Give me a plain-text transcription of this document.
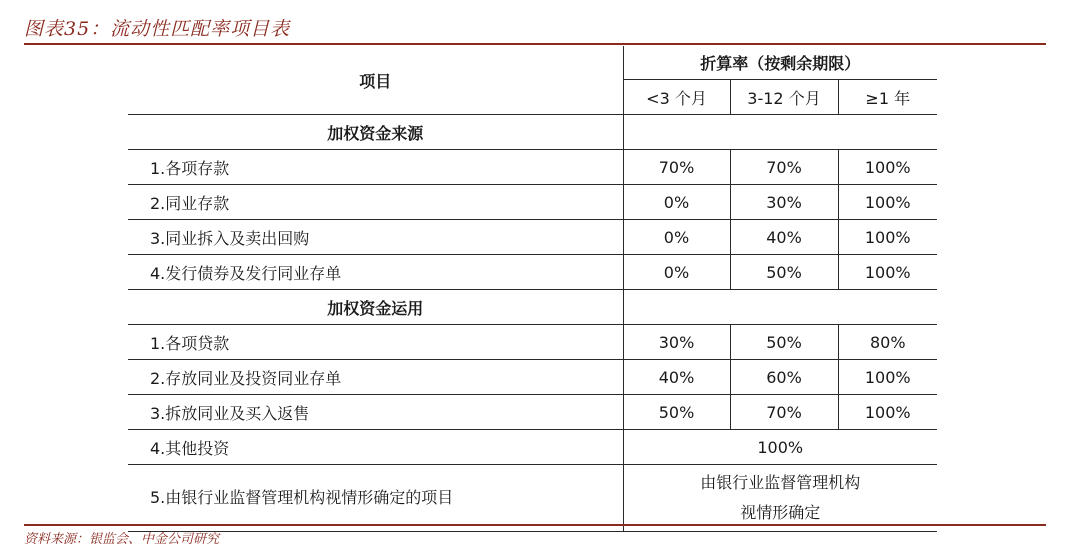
图表35：流动性匹配率项目表
项目	折算率（按剩余期限）		
	<3 个月	3-12 个月	≥1 年
加权资金来源			
1.各项存款	70%	70%	100%
2.同业存款	0%	30%	100%
3.同业拆入及卖出回购	0%	40%	100%
4.发行债券及发行同业存单	0%	50%	100%
加权资金运用			
1.各项贷款	30%	50%	80%
2.存放同业及投资同业存单	40%	60%	100%
3.拆放同业及买入返售	50%	70%	100%
4.其他投资	100%		
5.由银行业监督管理机构视情形确定的项目	由银行业监督管理机构
视情形确定		
资料来源：银监会、中金公司研究
